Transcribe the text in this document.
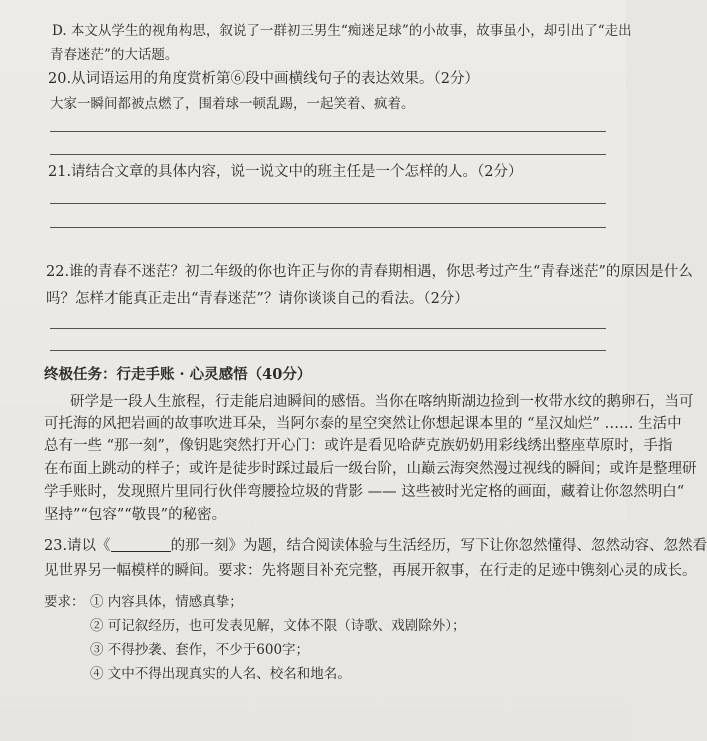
D. 本文从学生的视角构思，叙说了一群初三男生“痴迷足球”的小故事，故事虽小，却引出了“走出
青春迷茫”的大话题。
20.从词语运用的角度赏析第⑥段中画横线句子的表达效果。（2分）
大家一瞬间都被点燃了，围着球一顿乱踢，一起笑着、疯着。
21.请结合文章的具体内容，说一说文中的班主任是一个怎样的人。（2分）
22.谁的青春不迷茫？初二年级的你也许正与你的青春期相遇，你思考过产生“青春迷茫”的原因是什么
吗？怎样才能真正走出“青春迷茫”？请你谈谈自己的看法。（2分）
终极任务：行走手账 · 心灵感悟（40分）
研学是一段人生旅程，行走能启迪瞬间的感悟。当你在喀纳斯湖边捡到一枚带水纹的鹅卵石，当可
可托海的风把岩画的故事吹进耳朵，当阿尔泰的星空突然让你想起课本里的 “星汉灿烂” …… 生活中
总有一些 “那一刻”，像钥匙突然打开心门：或许是看见哈萨克族奶奶用彩线绣出整座草原时，手指
在布面上跳动的样子；或许是徒步时踩过最后一级台阶，山巅云海突然漫过视线的瞬间；或许是整理研
学手账时，发现照片里同行伙伴弯腰捡垃圾的背影 —— 这些被时光定格的画面，藏着让你忽然明白“
坚持”“包容”“敬畏”的秘密。
23.请以《	的那一刻》为题，结合阅读体验与生活经历，写下让你忽然懂得、忽然动容、忽然看
见世界另一幅模样的瞬间。要求：先将题目补充完整，再展开叙事，在行走的足迹中镌刻心灵的成长。
要求： ① 内容具体，情感真挚；
② 可记叙经历，也可发表见解，文体不限（诗歌、戏剧除外）；
③ 不得抄袭、套作，不少于600字；
④ 文中不得出现真实的人名、校名和地名。
